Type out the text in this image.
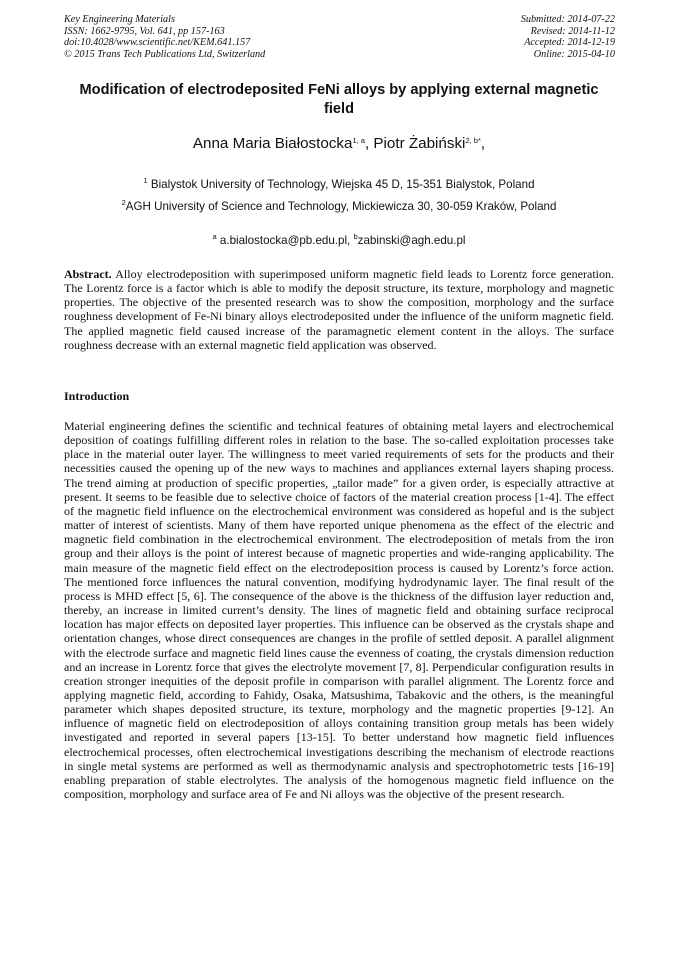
Key Engineering Materials
ISSN: 1662-9795, Vol. 641, pp 157-163
doi:10.4028/www.scientific.net/KEM.641.157
© 2015 Trans Tech Publications Ltd, Switzerland
Submitted: 2014-07-22
Revised: 2014-11-12
Accepted: 2014-12-19
Online: 2015-04-10
Modification of electrodeposited FeNi alloys by applying external magnetic field
Anna Maria Białostocka$^{1, a}$, Piotr Żabiński$^{2, b*}$,
$^1$ Bialystok University of Technology, Wiejska 45 D, 15-351 Bialystok, Poland
$^2$AGH University of Science and Technology, Mickiewicza 30, 30-059 Kraków, Poland
$^a$ a.bialostocka@pb.edu.pl, $^b$zabinski@agh.edu.pl
Abstract. Alloy electrodeposition with superimposed uniform magnetic field leads to Lorentz force generation. The Lorentz force is a factor which is able to modify the deposit structure, its texture, morphology and magnetic properties. The objective of the presented research was to show the composition, morphology and the surface roughness development of Fe-Ni binary alloys electrodeposited under the influence of the uniform magnetic field. The applied magnetic field caused increase of the paramagnetic element content in the alloys. The surface roughness decrease with an external magnetic field application was observed.
Introduction
Material engineering defines the scientific and technical features of obtaining metal layers and electrochemical deposition of coatings fulfilling different roles in relation to the base. The so-called exploitation processes take place in the material outer layer. The willingness to meet varied requirements of sets for the products and their necessities caused the opening up of the new ways to machines and appliances external layers shaping process. The trend aiming at production of specific properties, „tailor made” for a given order, is especially attractive at present. It seems to be feasible due to selective choice of factors of the material creation process [1-4]. The effect of the magnetic field influence on the electrochemical environment was considered as hopeful and is the subject matter of interest of scientists. Many of them have reported unique phenomena as the effect of the electric and magnetic field combination in the electrochemical environment. The electrodeposition of metals from the iron group and their alloys is the point of interest because of magnetic properties and wide-ranging applicability. The main measure of the magnetic field effect on the electrodeposition process is caused by Lorentz’s force action. The mentioned force influences the natural convention, modifying hydrodynamic layer. The final result of the process is MHD effect [5, 6]. The consequence of the above is the thickness of the diffusion layer reduction and, thereby, an increase in limited current’s density. The lines of magnetic field and obtaining surface reciprocal location has major effects on deposited layer properties. This influence can be observed as the crystals shape and orientation changes, whose direct consequences are changes in the profile of settled deposit. A parallel alignment with the electrode surface and magnetic field lines cause the evenness of coating, the crystals dimension reduction and an increase in Lorentz force that gives the electrolyte movement [7, 8]. Perpendicular configuration results in creation stronger inequities of the deposit profile in comparison with parallel alignment. The Lorentz force and applying magnetic field, according to Fahidy, Osaka, Matsushima, Tabakovic and the others, is the meaningful parameter which shapes deposited structure, its texture, morphology and the magnetic properties [9-12]. An influence of magnetic field on electrodeposition of alloys containing transition group metals has been widely investigated and reported in several papers [13-15]. To better understand how magnetic field influences electrochemical processes, often electrochemical investigations describing the mechanism of electrode reactions in single metal systems are performed as well as thermodynamic analysis and spectrophotometric tests [16-19] enabling preparation of stable electrolytes. The analysis of the homogenous magnetic field influence on the composition, morphology and surface area of Fe and Ni alloys was the objective of the present research.
